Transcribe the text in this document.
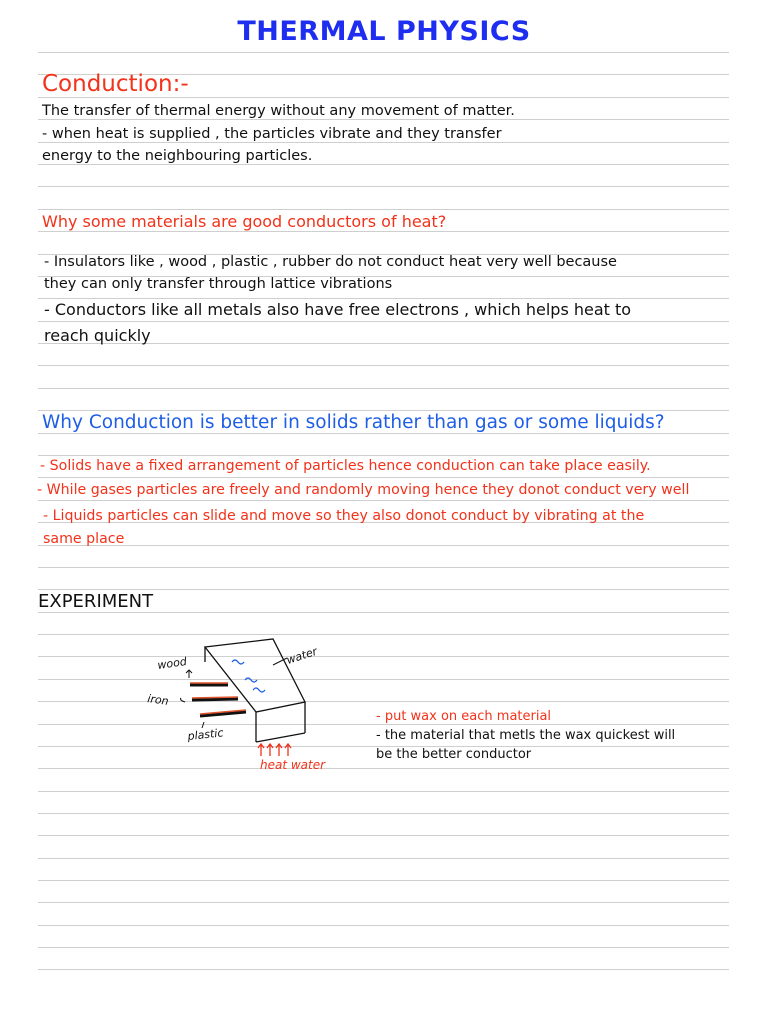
THERMAL PHYSICS

Conduction:-

The transfer of thermal energy without any movement of matter.

- when heat is supplied , the particles vibrate and they transfer

energy to the neighbouring particles.

Why some materials are good conductors of heat?

- Insulators like , wood , plastic , rubber do not conduct heat very well because

they can only transfer through lattice vibrations

- Conductors like all metals also have free electrons , which helps heat to

reach quickly

Why Conduction is better in solids rather than gas or some liquids?

- Solids have a fixed arrangement of particles hence conduction can take place easily.

- While gases particles are freely and randomly moving hence they donot conduct very well

- Liquids particles can slide and move so they also donot conduct by vibrating at the

same place

EXPERIMENT

wood
iron
plastic
water
heat water

- put wax on each material

- the material that metls the wax quickest will

be the better conductor
